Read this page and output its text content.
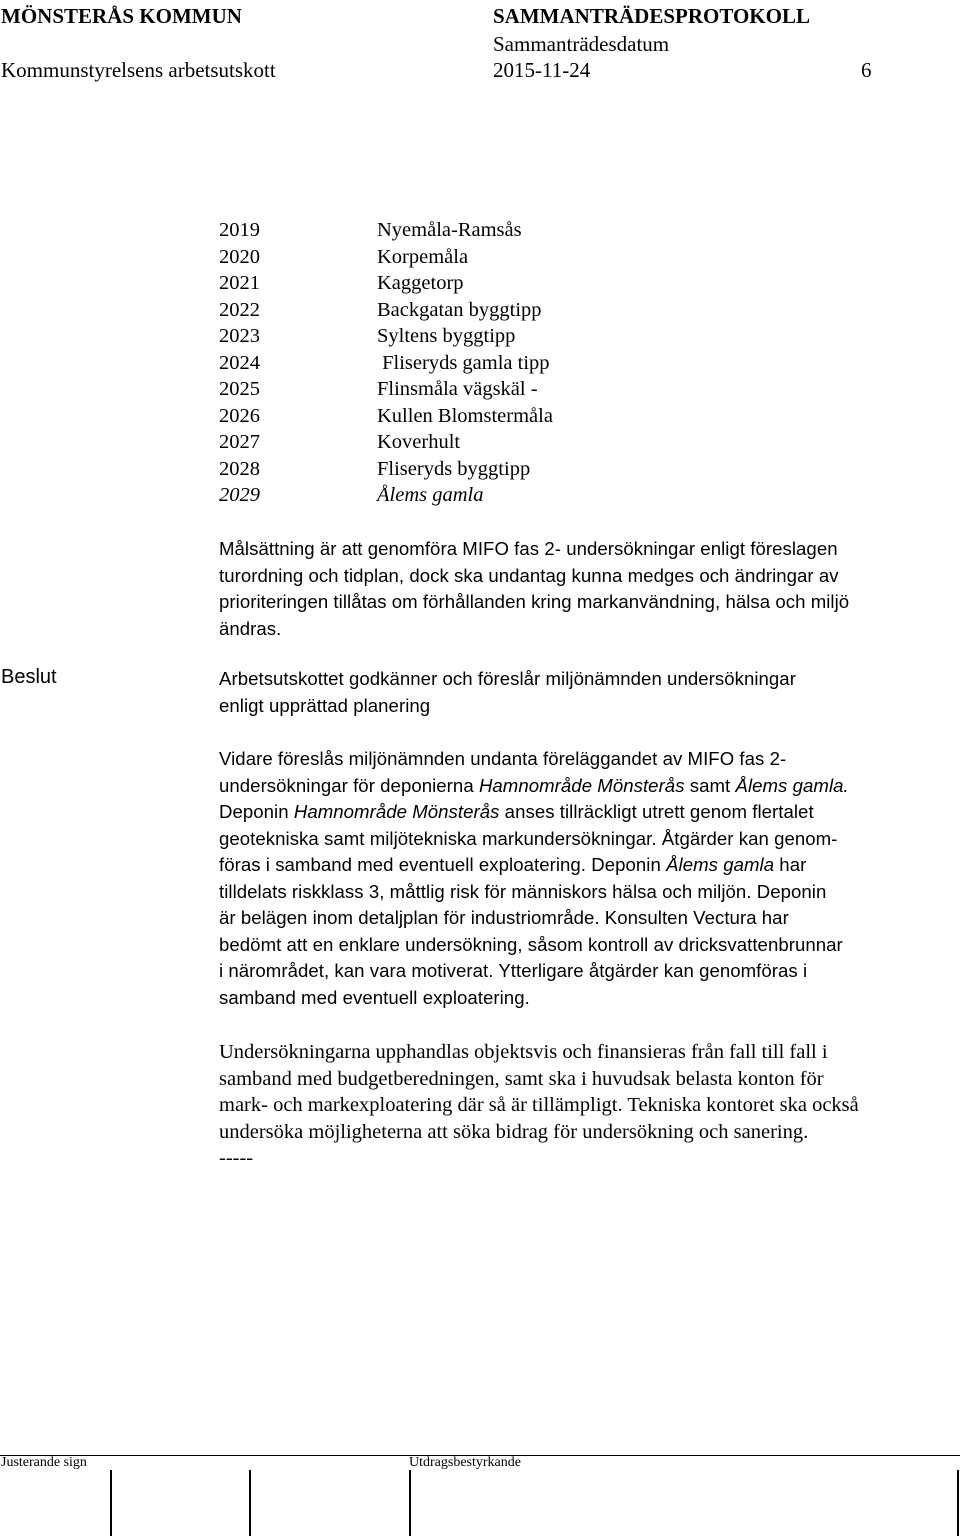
MÖNSTERÅS KOMMUN	SAMMANTRÄDESPROTOKOLL
Sammanträdesdatum
Kommunstyrelsens arbetsutskott	2015-11-24	6
2019	Nyemåla-Ramsås
2020	Korpemåla
2021	Kaggetorp
2022	Backgatan byggtipp
2023	Syltens byggtipp
2024	Fliseryds gamla tipp
2025	Flinsmåla vägskäl -
2026	Kullen Blomstermåla
2027	Koverhult
2028	Fliseryds byggtipp
2029	Ålems gamla

Målsättning är att genomföra MIFO fas 2- undersökningar enligt föreslagen
turordning och tidplan, dock ska undantag kunna medges och ändringar av
prioriteringen tillåtas om förhållanden kring markanvändning, hälsa och miljö
ändras.

Beslut	Arbetsutskottet godkänner och föreslår miljönämnden undersökningar
enligt upprättad planering

Vidare föreslås miljönämnden undanta föreläggandet av MIFO fas 2-
undersökningar för deponierna Hamnområde Mönsterås samt Ålems gamla.
Deponin Hamnområde Mönsterås anses tillräckligt utrett genom flertalet
geotekniska samt miljötekniska markundersökningar. Åtgärder kan genom-
föras i samband med eventuell exploatering. Deponin Ålems gamla har
tilldelats riskklass 3, måttlig risk för människors hälsa och miljön. Deponin
är belägen inom detaljplan för industriområde. Konsulten Vectura har
bedömt att en enklare undersökning, såsom kontroll av dricksvattenbrunnar
i närområdet, kan vara motiverat. Ytterligare åtgärder kan genomföras i
samband med eventuell exploatering.

Undersökningarna upphandlas objektsvis och finansieras från fall till fall i
samband med budgetberedningen, samt ska i huvudsak belasta konton för
mark- och markexploatering där så är tillämpligt. Tekniska kontoret ska också
undersöka möjligheterna att söka bidrag för undersökning och sanering.
-----

Justerande sign	Utdragsbestyrkande
